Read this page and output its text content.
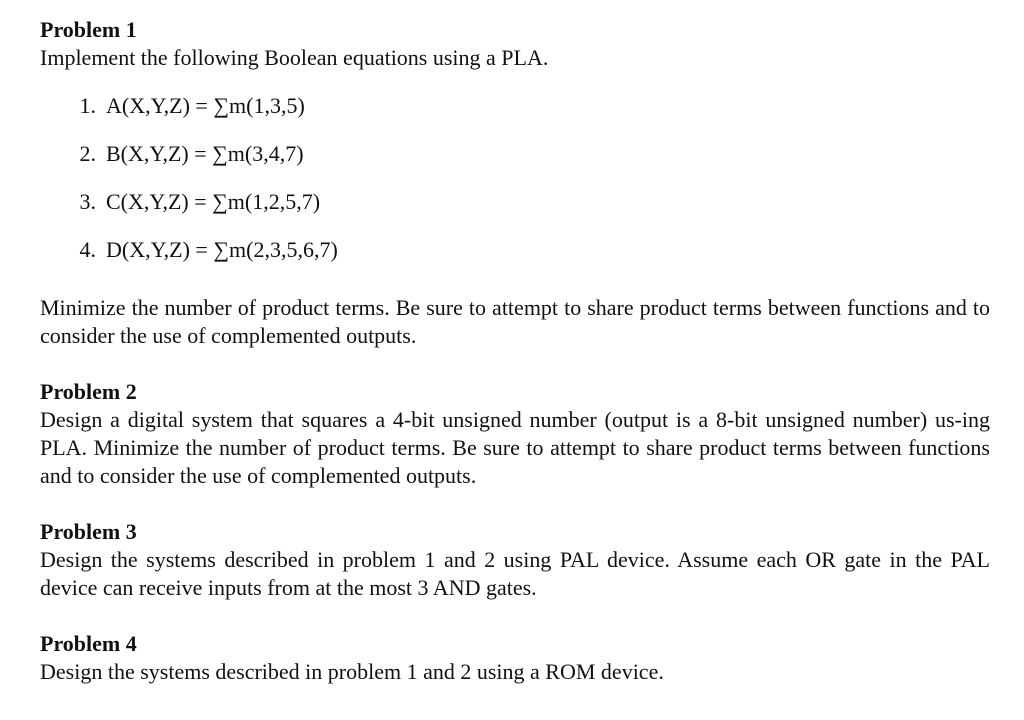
Problem 1

Implement the following Boolean equations using a PLA.

1. A(X,Y,Z) = ∑m(1,3,5)
2. B(X,Y,Z) = ∑m(3,4,7)
3. C(X,Y,Z) = ∑m(1,2,5,7)
4. D(X,Y,Z) = ∑m(2,3,5,6,7)

Minimize the number of product terms. Be sure to attempt to share product terms between functions and to consider the use of complemented outputs.

Problem 2

Design a digital system that squares a 4-bit unsigned number (output is a 8-bit unsigned number) us-ing PLA. Minimize the number of product terms. Be sure to attempt to share product terms between functions and to consider the use of complemented outputs.

Problem 3

Design the systems described in problem 1 and 2 using PAL device. Assume each OR gate in the PAL device can receive inputs from at the most 3 AND gates.

Problem 4

Design the systems described in problem 1 and 2 using a ROM device.
